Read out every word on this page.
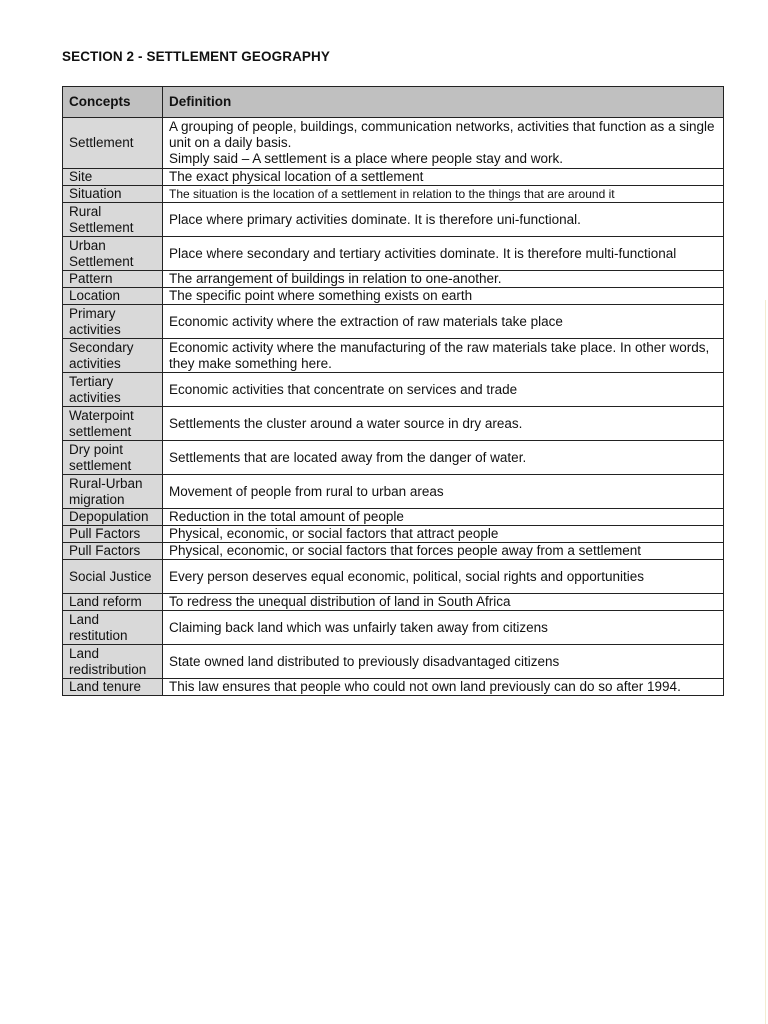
SECTION 2 - SETTLEMENT GEOGRAPHY
Concepts	Definition
Settlement	A grouping of people, buildings, communication networks, activities that function as a single unit on a daily basis.
Simply said – A settlement is a place where people stay and work.

Site	The exact physical location of a settlement

Situation	The situation is the location of a settlement in relation to the things that are around it

Rural Settlement	Place where primary activities dominate. It is therefore uni-functional.

Urban Settlement	Place where secondary and tertiary activities dominate. It is therefore multi-functional

Pattern	The arrangement of buildings in relation to one-another.

Location	The specific point where something exists on earth

Primary activities	Economic activity where the extraction of raw materials take place

Secondary activities	Economic activity where the manufacturing of the raw materials take place. In other words, they make something here.

Tertiary activities	Economic activities that concentrate on services and trade

Waterpoint settlement	Settlements the cluster around a water source in dry areas.

Dry point settlement	Settlements that are located away from the danger of water.

Rural-Urban migration	Movement of people from rural to urban areas

Depopulation	Reduction in the total amount of people

Pull Factors	Physical, economic, or social factors that attract people

Pull Factors	Physical, economic, or social factors that forces people away from a settlement

Social Justice	Every person deserves equal economic, political, social rights and opportunities

Land reform	To redress the unequal distribution of land in South Africa

Land restitution	Claiming back land which was unfairly taken away from citizens

Land redistribution	State owned land distributed to previously disadvantaged citizens

Land tenure	This law ensures that people who could not own land previously can do so after 1994.
